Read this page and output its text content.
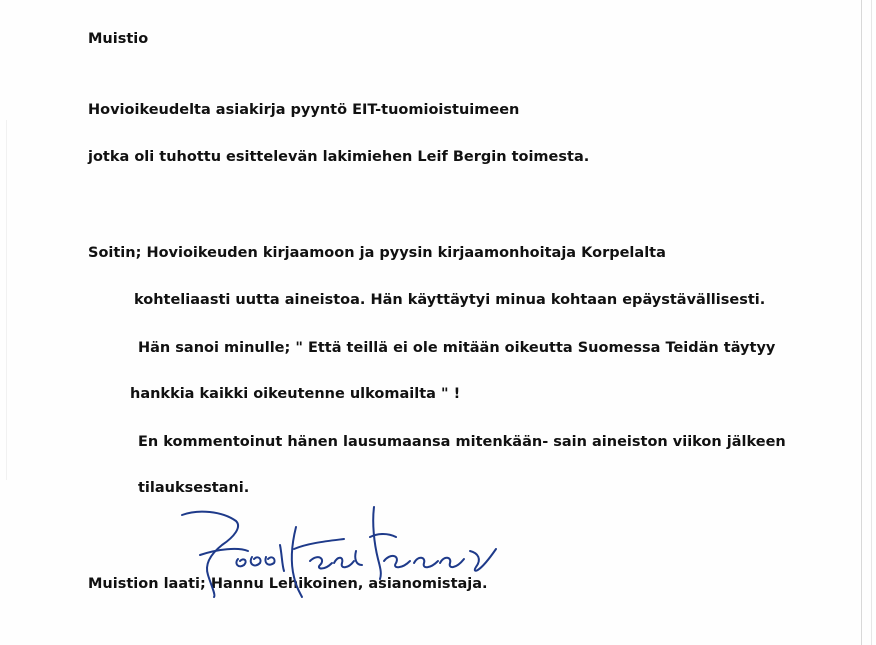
Muistio

Hovioikeudelta asiakirja pyyntö EIT-tuomioistuimeen

jotka oli tuhottu esittelevän lakimiehen Leif Bergin toimesta.

Soitin; Hovioikeuden kirjaamoon ja pyysin kirjaamonhoitaja Korpelalta

kohteliaasti uutta aineistoa. Hän käyttäytyi minua kohtaan epäystävällisesti.

Hän sanoi minulle; " Että teillä ei ole mitään oikeutta Suomessa Teidän täytyy

hankkia kaikki oikeutenne ulkomailta " !

En kommentoinut hänen lausumaansa mitenkään- sain aineiston viikon jälkeen

tilauksestani.

Muistion laati; Hannu Lehikoinen, asianomistaja.
